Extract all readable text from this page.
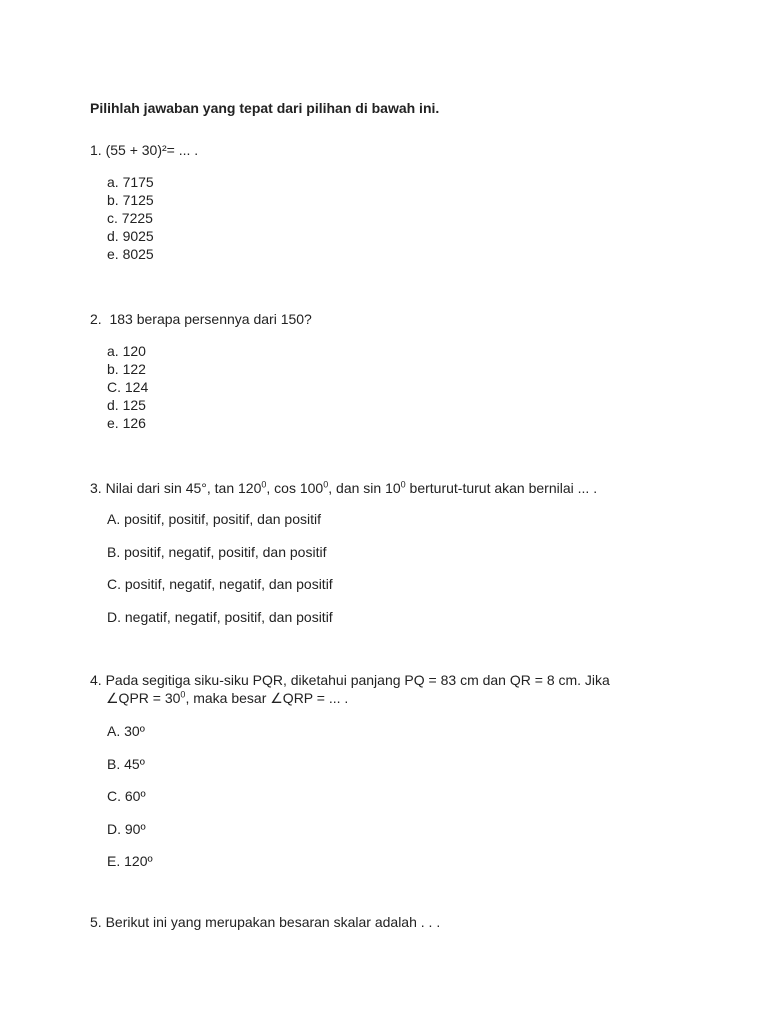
Pilihlah jawaban yang tepat dari pilihan di bawah ini.
1. (55 + 30)²= ... .
a. 7175
b. 7125
c. 7225
d. 9025
e. 8025
2.  183 berapa persennya dari 150?
a. 120
b. 122
C. 124
d. 125
e. 126
3. Nilai dari sin 45°, $\tan 120^0$, $\cos 100^0$, dan $\sin 10^0$ berturut-turut akan bernilai ... .
A. positif, positif, positif, dan positif
B. positif, negatif, positif, dan positif
C. positif, negatif, negatif, dan positif
D. negatif, negatif, positif, dan positif
4. Pada segitiga siku-siku PQR, diketahui panjang PQ = 83 cm dan QR = 8 cm. Jika
∠QPR = $30^0$, maka besar ∠QRP = ... .
A. 30º
B. 45º
C. 60º
D. 90º
E. 120º
5. Berikut ini yang merupakan besaran skalar adalah . . .
